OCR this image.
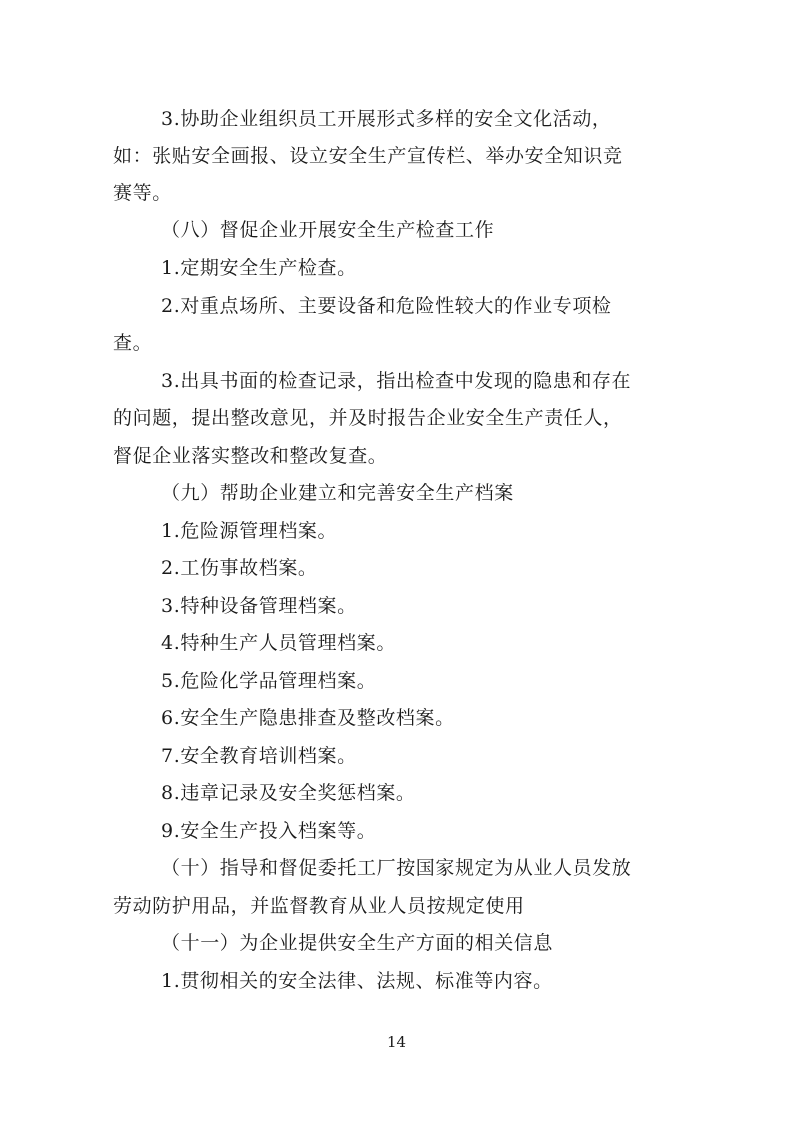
3.协助企业组织员工开展形式多样的安全文化活动，
如：张贴安全画报、设立安全生产宣传栏、举办安全知识竞
赛等。
（八）督促企业开展安全生产检查工作
1.定期安全生产检查。
2.对重点场所、主要设备和危险性较大的作业专项检
查。
3.出具书面的检查记录，指出检查中发现的隐患和存在
的问题，提出整改意见，并及时报告企业安全生产责任人，
督促企业落实整改和整改复查。
（九）帮助企业建立和完善安全生产档案
1.危险源管理档案。
2.工伤事故档案。
3.特种设备管理档案。
4.特种生产人员管理档案。
5.危险化学品管理档案。
6.安全生产隐患排查及整改档案。
7.安全教育培训档案。
8.违章记录及安全奖惩档案。
9.安全生产投入档案等。
（十）指导和督促委托工厂按国家规定为从业人员发放
劳动防护用品，并监督教育从业人员按规定使用
（十一）为企业提供安全生产方面的相关信息
1.贯彻相关的安全法律、法规、标准等内容。
14
